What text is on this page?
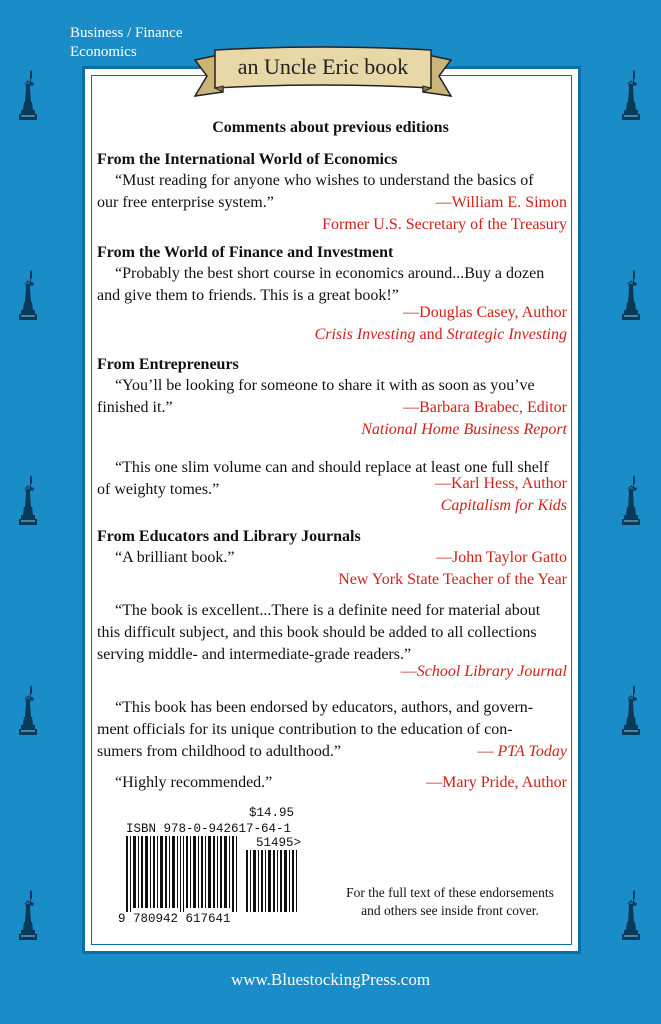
Business / Finance
Economics
an Uncle Eric book
Comments about previous editions
From the International World of Economics
“Must reading for anyone who wishes to understand the basics of
our free enterprise system.”	—William E. Simon
Former U.S. Secretary of the Treasury
From the World of Finance and Investment
“Probably the best short course in economics around...Buy a dozen
and give them to friends. This is a great book!”
—Douglas Casey, Author
Crisis Investing and Strategic Investing
From Entrepreneurs
“You’ll be looking for someone to share it with as soon as you’ve
finished it.”	—Barbara Brabec, Editor
National Home Business Report
“This one slim volume can and should replace at least one full shelf
of weighty tomes.”	—Karl Hess, Author
Capitalism for Kids
From Educators and Library Journals
“A brilliant book.”	—John Taylor Gatto
New York State Teacher of the Year
“The book is excellent...There is a definite need for material about
this difficult subject, and this book should be added to all collections
serving middle- and intermediate-grade readers.”
—School Library Journal
“This book has been endorsed by educators, authors, and govern-
ment officials for its unique contribution to the education of con-
sumers from childhood to adulthood.”	— PTA Today
“Highly recommended.”	—Mary Pride, Author
$14.95
ISBN 978-0-942617-64-1
51495>
9 780942 617641
For the full text of these endorsements
and others see inside front cover.
www.BluestockingPress.com
